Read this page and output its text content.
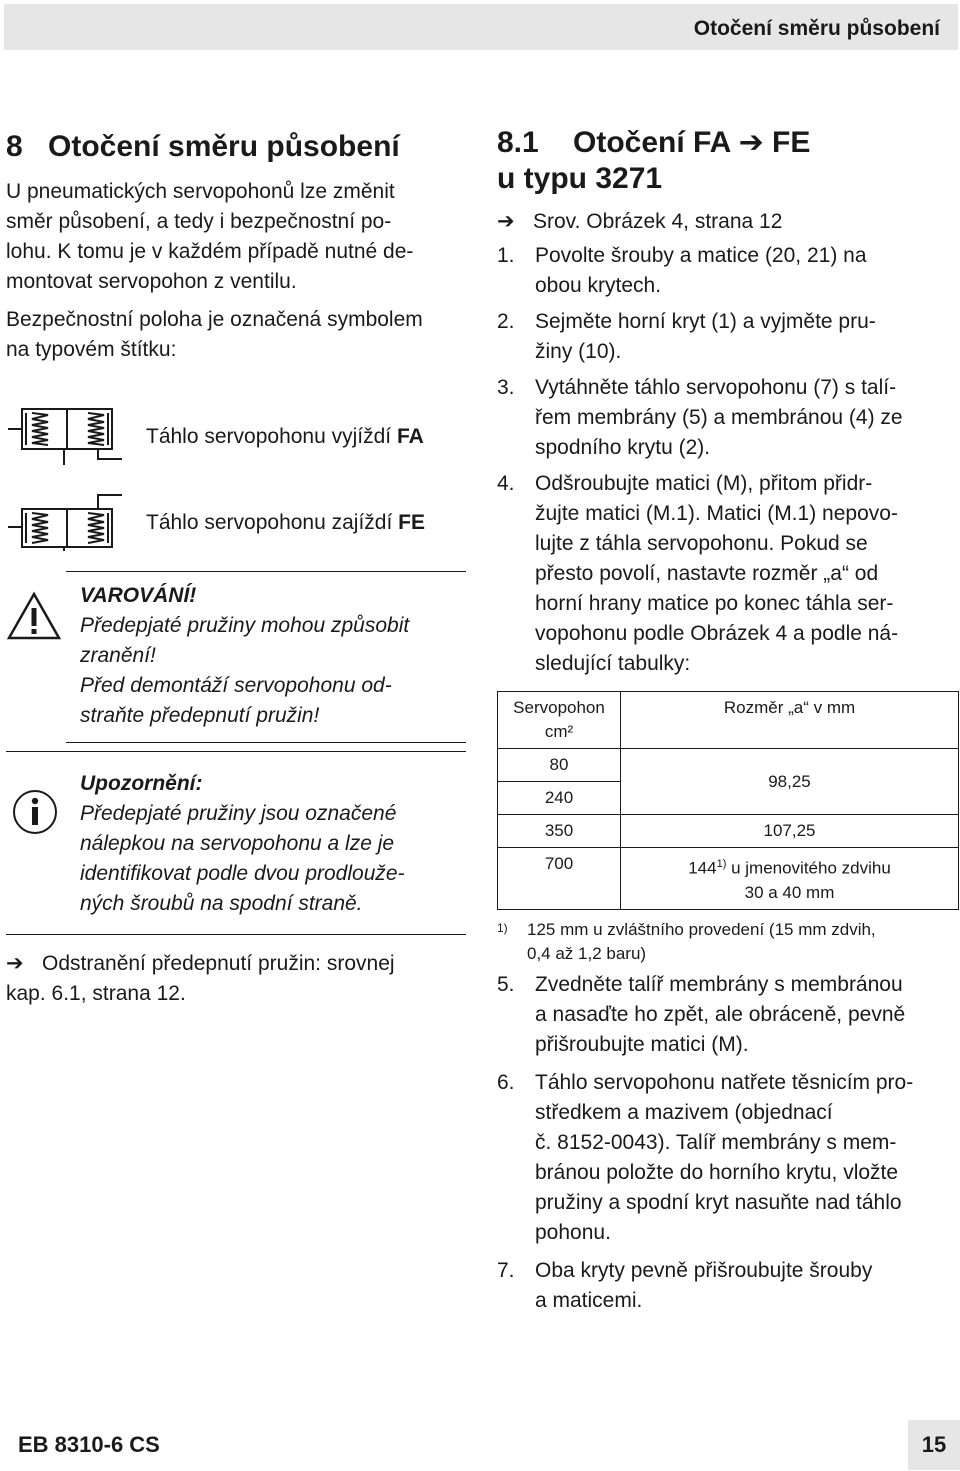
Otočení směru působení
8 Otočení směru působení

U pneumatických servopohonů lze změnit

směr působení, a tedy i bezpečnostní po-

lohu. K tomu je v každém případě nutné de-

montovat servopohon z ventilu.

Bezpečnostní poloha je označená symbolem

na typovém štítku:

Táhlo servopohonu vyjíždí FA
Táhlo servopohonu zajíždí FE
VAROVÁNÍ!
Předepjaté pružiny mohou způsobit
zranění!
Před demontáží servopohonu od-
straňte předepnutí pružin!
Upozornění:
Předepjaté pružiny jsou označené
nálepkou na servopohonu a lze je
identifikovat podle dvou prodlouže-
ných šroubů na spodní straně.
➔ Odstranění předepnutí pružin: srovnej
kap. 6.1, strana 12.
8.1 Otočení FA ➔ FE
u typu 3271
➔ Srov. Obrázek 4, strana 12
1. Povolte šrouby a matice (20, 21) na
obou krytech.
2. Sejměte horní kryt (1) a vyjměte pru-
žiny (10).
3. Vytáhněte táhlo servopohonu (7) s talí-
řem membrány (5) a membránou (4) ze
spodního krytu (2).
4. Odšroubujte matici (M), přitom přidr-
žujte matici (M.1). Matici (M.1) nepovo-
lujte z táhla servopohonu. Pokud se
přesto povolí, nastavte rozměr „a“ od
horní hrany matice po konec táhla ser-
vopohonu podle Obrázek 4 a podle ná-
sledující tabulky:
Servopohon
cm²	Rozměr „a“ v mm
80	98,25
240	
350	107,25
700	144$^{1)}$ u jmenovitého zdvihu
30 a 40 mm
1) 125 mm u zvláštního provedení (15 mm zdvih,
0,4 až 1,2 baru)
5. Zvedněte talíř membrány s membránou
a nasaďte ho zpět, ale obráceně, pevně
přišroubujte matici (M).
6. Táhlo servopohonu natřete těsnicím pro-
středkem a mazivem (objednací
č. 8152-0043). Talíř membrány s mem-
bránou položte do horního krytu, vložte
pružiny a spodní kryt nasuňte nad táhlo
pohonu.
7. Oba kryty pevně přišroubujte šrouby
a maticemi.
EB 8310-6 CS	15
